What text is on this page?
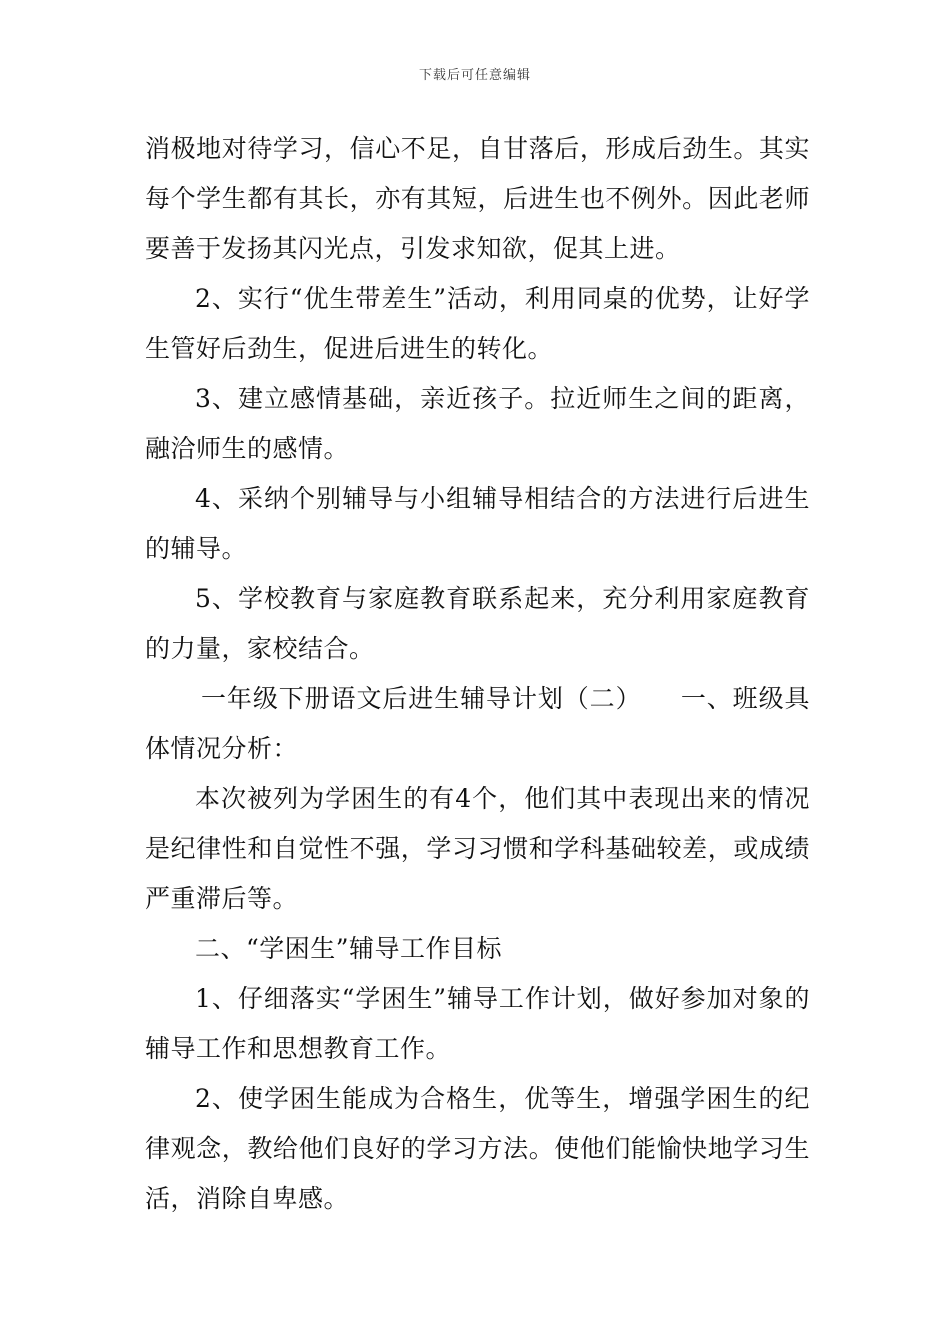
下载后可任意编辑

消极地对待学习，信心不足，自甘落后，形成后劲生。其实每个学生都有其长，亦有其短，后进生也不例外。因此老师要善于发扬其闪光点，引发求知欲，促其上进。

2、实行“优生带差生”活动，利用同桌的优势，让好学生管好后劲生，促进后进生的转化。

3、建立感情基础，亲近孩子。拉近师生之间的距离，融洽师生的感情。

4、采纳个别辅导与小组辅导相结合的方法进行后进生的辅导。

5、学校教育与家庭教育联系起来，充分利用家庭教育的力量，家校结合。

一年级下册语文后进生辅导计划（二）　　一、班级具体情况分析：

本次被列为学困生的有4个，他们其中表现出来的情况是纪律性和自觉性不强，学习习惯和学科基础较差，或成绩严重滞后等。

二、“学困生”辅导工作目标

1、仔细落实“学困生”辅导工作计划，做好参加对象的辅导工作和思想教育工作。

2、使学困生能成为合格生，优等生，增强学困生的纪律观念，教给他们良好的学习方法。使他们能愉快地学习生活，消除自卑感。
